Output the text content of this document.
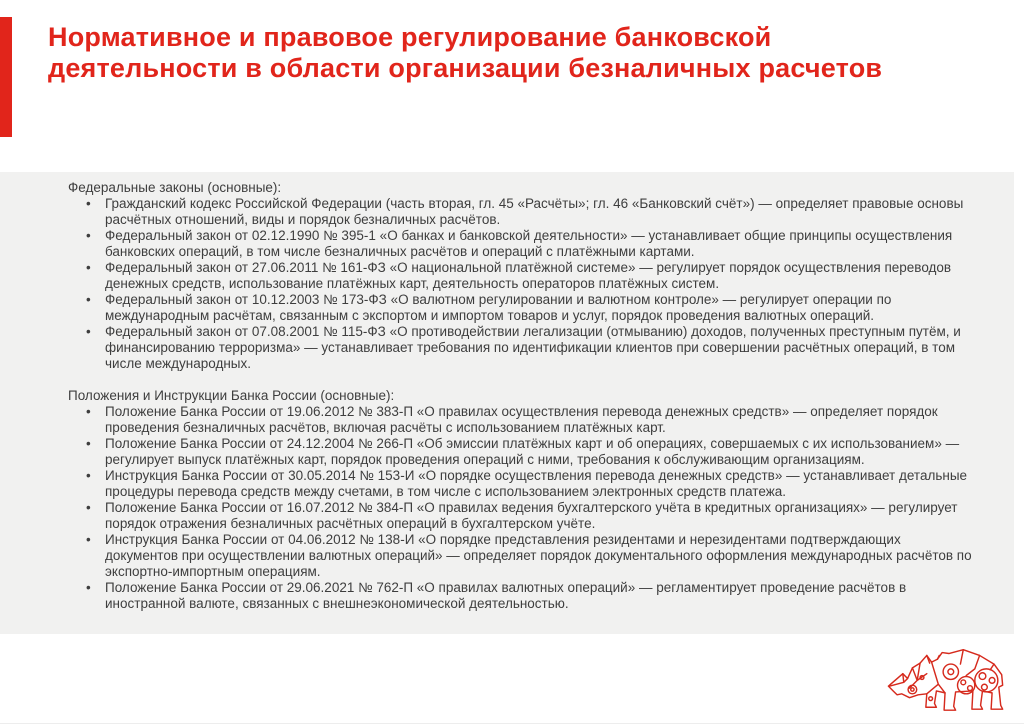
Нормативное и правовое регулирование банковской деятельности в области организации безналичных расчетов

Федеральные законы (основные):

• Гражданский кодекс Российской Федерации (часть вторая, гл. 45 «Расчёты»; гл. 46 «Банковский счёт») — определяет правовые основы расчётных отношений, виды и порядок безналичных расчётов.
• Федеральный закон от 02.12.1990 № 395-1 «О банках и банковской деятельности» — устанавливает общие принципы осуществления банковских операций, в том числе безналичных расчётов и операций с платёжными картами.
• Федеральный закон от 27.06.2011 № 161-ФЗ «О национальной платёжной системе» — регулирует порядок осуществления переводов денежных средств, использование платёжных карт, деятельность операторов платёжных систем.
• Федеральный закон от 10.12.2003 № 173-ФЗ «О валютном регулировании и валютном контроле» — регулирует операции по международным расчётам, связанным с экспортом и импортом товаров и услуг, порядок проведения валютных операций.
• Федеральный закон от 07.08.2001 № 115-ФЗ «О противодействии легализации (отмыванию) доходов, полученных преступным путём, и финансированию терроризма» — устанавливает требования по идентификации клиентов при совершении расчётных операций, в том числе международных.

Положения и Инструкции Банка России (основные):

• Положение Банка России от 19.06.2012 № 383-П «О правилах осуществления перевода денежных средств» — определяет порядок проведения безналичных расчётов, включая расчёты с использованием платёжных карт.
• Положение Банка России от 24.12.2004 № 266-П «Об эмиссии платёжных карт и об операциях, совершаемых с их использованием» — регулирует выпуск платёжных карт, порядок проведения операций с ними, требования к обслуживающим организациям.
• Инструкция Банка России от 30.05.2014 № 153-И «О порядке осуществления перевода денежных средств» — устанавливает детальные процедуры перевода средств между счетами, в том числе с использованием электронных средств платежа.
• Положение Банка России от 16.07.2012 № 384-П «О правилах ведения бухгалтерского учёта в кредитных организациях» — регулирует порядок отражения безналичных расчётных операций в бухгалтерском учёте.
• Инструкция Банка России от 04.06.2012 № 138-И «О порядке представления резидентами и нерезидентами подтверждающих документов при осуществлении валютных операций» — определяет порядок документального оформления международных расчётов по экспортно-импортным операциям.
• Положение Банка России от 29.06.2021 № 762-П «О правилах валютных операций» — регламентирует проведение расчётов в иностранной валюте, связанных с внешнеэкономической деятельностью.
